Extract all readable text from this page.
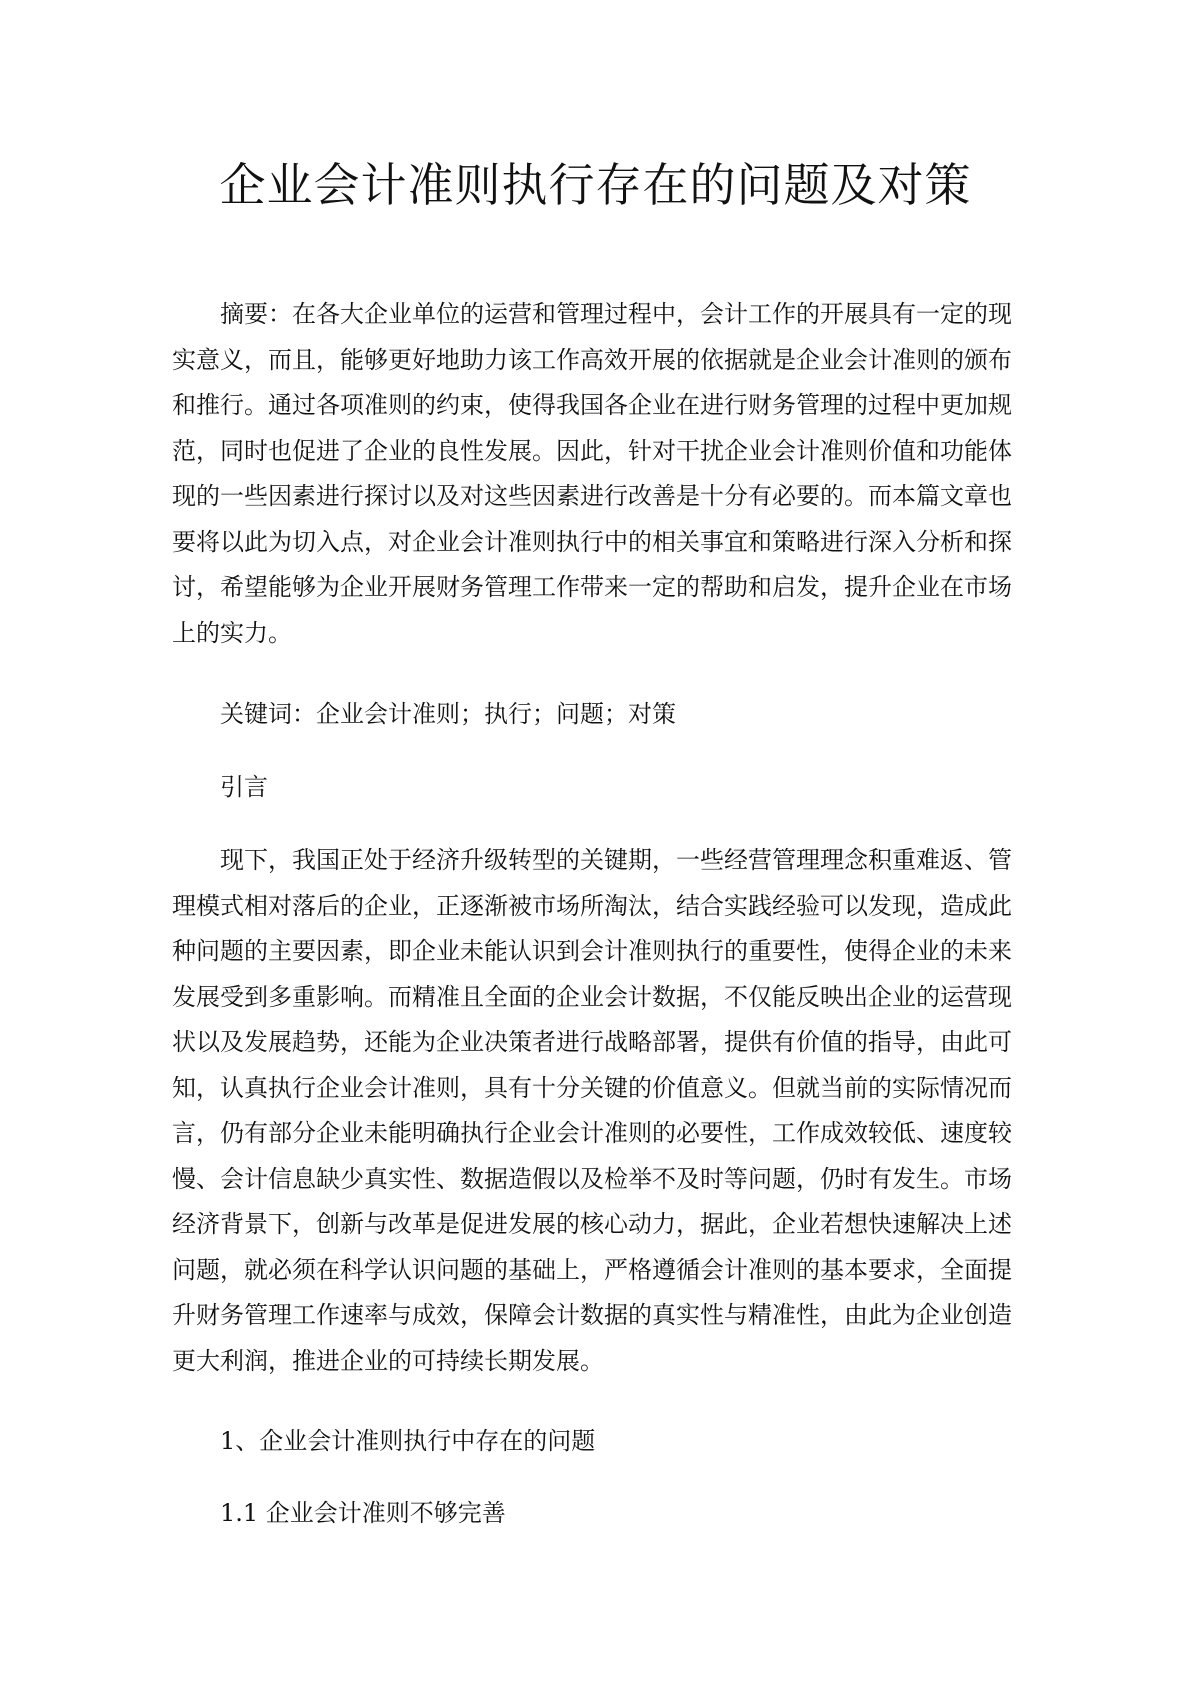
企业会计准则执行存在的问题及对策
摘要：在各大企业单位的运营和管理过程中，会计工作的开展具有一定的现
实意义，而且，能够更好地助力该工作高效开展的依据就是企业会计准则的颁布
和推行。通过各项准则的约束，使得我国各企业在进行财务管理的过程中更加规
范，同时也促进了企业的良性发展。因此，针对干扰企业会计准则价值和功能体
现的一些因素进行探讨以及对这些因素进行改善是十分有必要的。而本篇文章也
要将以此为切入点，对企业会计准则执行中的相关事宜和策略进行深入分析和探
讨，希望能够为企业开展财务管理工作带来一定的帮助和启发，提升企业在市场
上的实力。

关键词：企业会计准则；执行；问题；对策

引言

现下，我国正处于经济升级转型的关键期，一些经营管理理念积重难返、管
理模式相对落后的企业，正逐渐被市场所淘汰，结合实践经验可以发现，造成此
种问题的主要因素，即企业未能认识到会计准则执行的重要性，使得企业的未来
发展受到多重影响。而精准且全面的企业会计数据，不仅能反映出企业的运营现
状以及发展趋势，还能为企业决策者进行战略部署，提供有价值的指导，由此可
知，认真执行企业会计准则，具有十分关键的价值意义。但就当前的实际情况而
言，仍有部分企业未能明确执行企业会计准则的必要性，工作成效较低、速度较
慢、会计信息缺少真实性、数据造假以及检举不及时等问题，仍时有发生。市场
经济背景下，创新与改革是促进发展的核心动力，据此，企业若想快速解决上述
问题，就必须在科学认识问题的基础上，严格遵循会计准则的基本要求，全面提
升财务管理工作速率与成效，保障会计数据的真实性与精准性，由此为企业创造
更大利润，推进企业的可持续长期发展。

1、企业会计准则执行中存在的问题

1.1 企业会计准则不够完善
